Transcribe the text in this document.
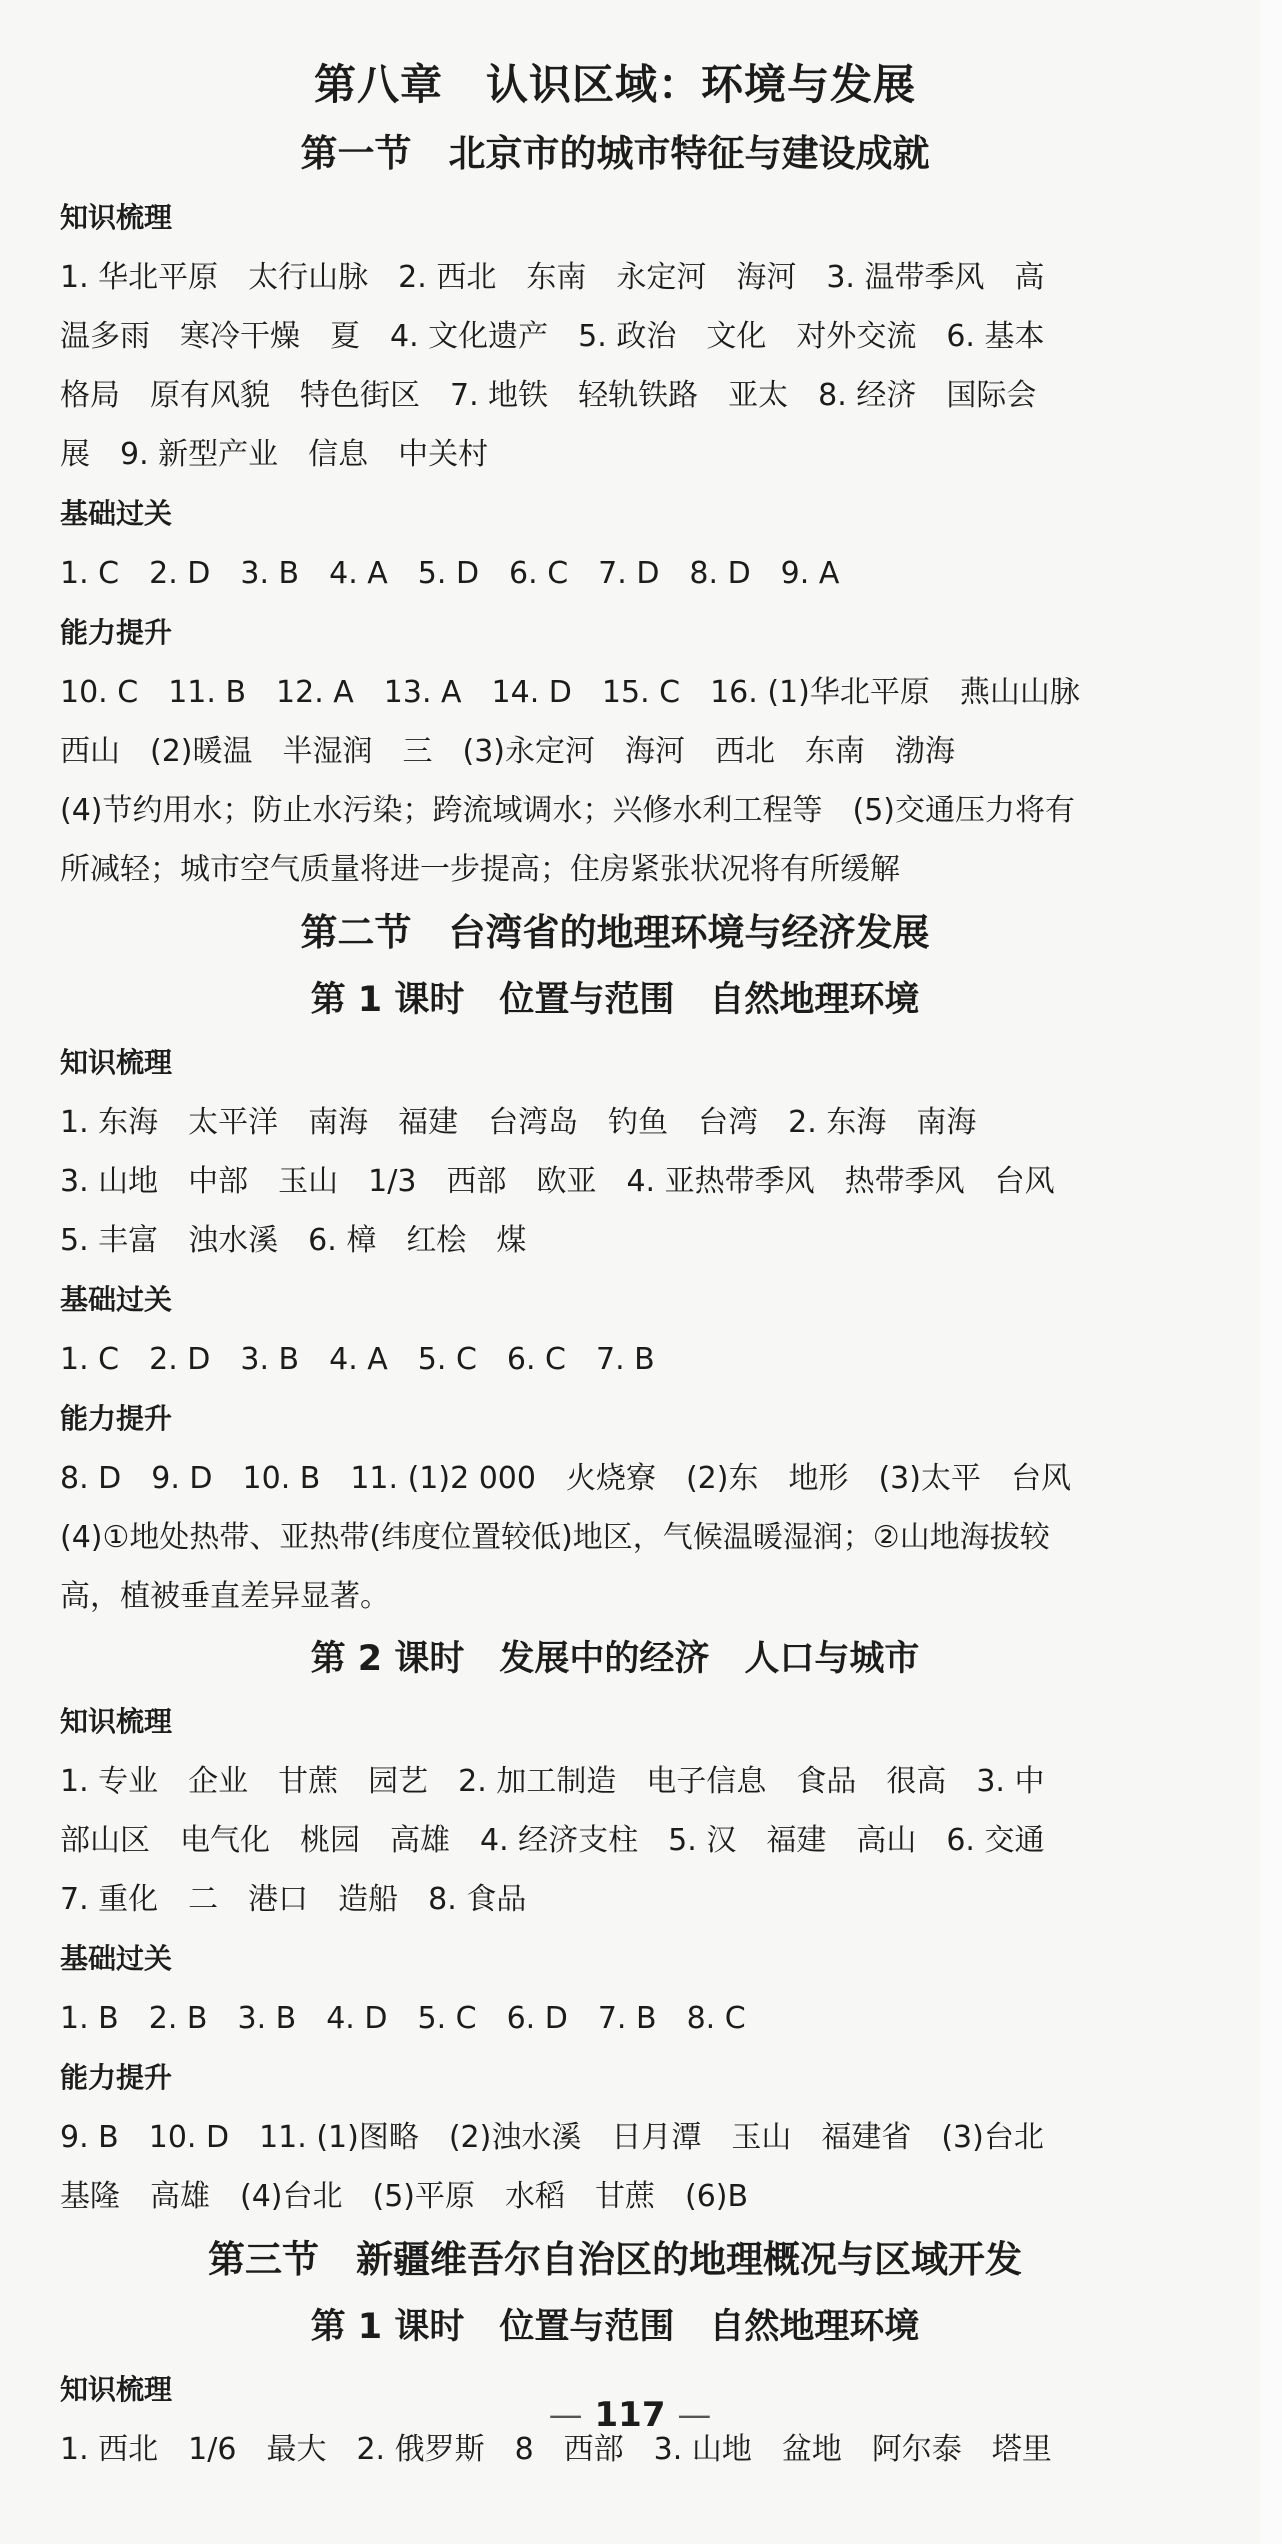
第八章　认识区域：环境与发展
第一节　北京市的城市特征与建设成就
知识梳理
1. 华北平原　太行山脉　2. 西北　东南　永定河　海河　3. 温带季风　高
温多雨　寒冷干燥　夏　4. 文化遗产　5. 政治　文化　对外交流　6. 基本
格局　原有风貌　特色街区　7. 地铁　轻轨铁路　亚太　8. 经济　国际会
展　9. 新型产业　信息　中关村
基础过关
1. C　2. D　3. B　4. A　5. D　6. C　7. D　8. D　9. A
能力提升
10. C　11. B　12. A　13. A　14. D　15. C　16. (1)华北平原　燕山山脉
西山　(2)暖温　半湿润　三　(3)永定河　海河　西北　东南　渤海
(4)节约用水；防止水污染；跨流域调水；兴修水利工程等　(5)交通压力将有
所减轻；城市空气质量将进一步提高；住房紧张状况将有所缓解
第二节　台湾省的地理环境与经济发展
第 1 课时　位置与范围　自然地理环境
知识梳理
1. 东海　太平洋　南海　福建　台湾岛　钓鱼　台湾　2. 东海　南海
3. 山地　中部　玉山　1/3　西部　欧亚　4. 亚热带季风　热带季风　台风
5. 丰富　浊水溪　6. 樟　红桧　煤
基础过关
1. C　2. D　3. B　4. A　5. C　6. C　7. B
能力提升
8. D　9. D　10. B　11. (1)2 000　火烧寮　(2)东　地形　(3)太平　台风
(4)①地处热带、亚热带(纬度位置较低)地区，气候温暖湿润；②山地海拔较
高，植被垂直差异显著。
第 2 课时　发展中的经济　人口与城市
知识梳理
1. 专业　企业　甘蔗　园艺　2. 加工制造　电子信息　食品　很高　3. 中
部山区　电气化　桃园　高雄　4. 经济支柱　5. 汉　福建　高山　6. 交通
7. 重化　二　港口　造船　8. 食品
基础过关
1. B　2. B　3. B　4. D　5. C　6. D　7. B　8. C
能力提升
9. B　10. D　11. (1)图略　(2)浊水溪　日月潭　玉山　福建省　(3)台北
基隆　高雄　(4)台北　(5)平原　水稻　甘蔗　(6)B
第三节　新疆维吾尔自治区的地理概况与区域开发
第 1 课时　位置与范围　自然地理环境
知识梳理
1. 西北　1/6　最大　2. 俄罗斯　8　西部　3. 山地　盆地　阿尔泰　塔里
— 117 —
